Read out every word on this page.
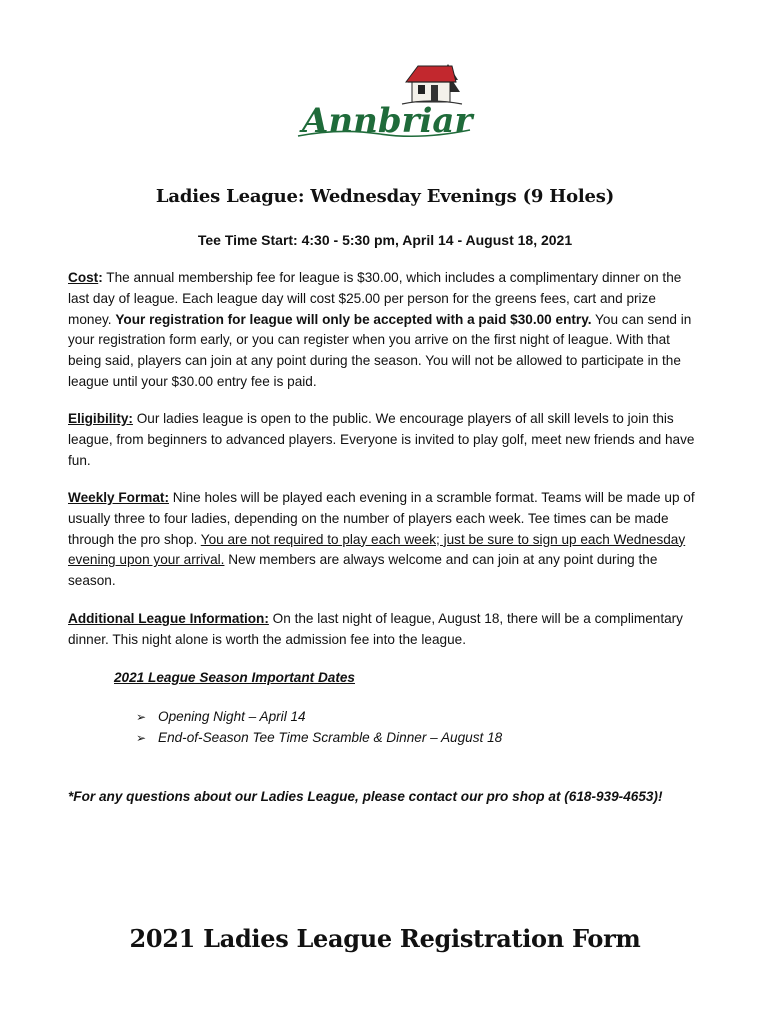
Annbriar
Ladies League: Wednesday Evenings (9 Holes)
Tee Time Start: 4:30 - 5:30 pm, April 14 - August 18, 2021
Cost: The annual membership fee for league is $30.00, which includes a complimentary dinner on the last day of league. Each league day will cost $25.00 per person for the greens fees, cart and prize money. Your registration for league will only be accepted with a paid $30.00 entry. You can send in your registration form early, or you can register when you arrive on the first night of league. With that being said, players can join at any point during the season. You will not be allowed to participate in the league until your $30.00 entry fee is paid.
Eligibility: Our ladies league is open to the public. We encourage players of all skill levels to join this league, from beginners to advanced players. Everyone is invited to play golf, meet new friends and have fun.
Weekly Format: Nine holes will be played each evening in a scramble format. Teams will be made up of usually three to four ladies, depending on the number of players each week. Tee times can be made through the pro shop. You are not required to play each week; just be sure to sign up each Wednesday evening upon your arrival. New members are always welcome and can join at any point during the season.
Additional League Information: On the last night of league, August 18, there will be a complimentary dinner. This night alone is worth the admission fee into the league.
2021 League Season Important Dates
➢ Opening Night – April 14
➢ End-of-Season Tee Time Scramble & Dinner – August 18
*For any questions about our Ladies League, please contact our pro shop at (618-939-4653)!
2021 Ladies League Registration Form
